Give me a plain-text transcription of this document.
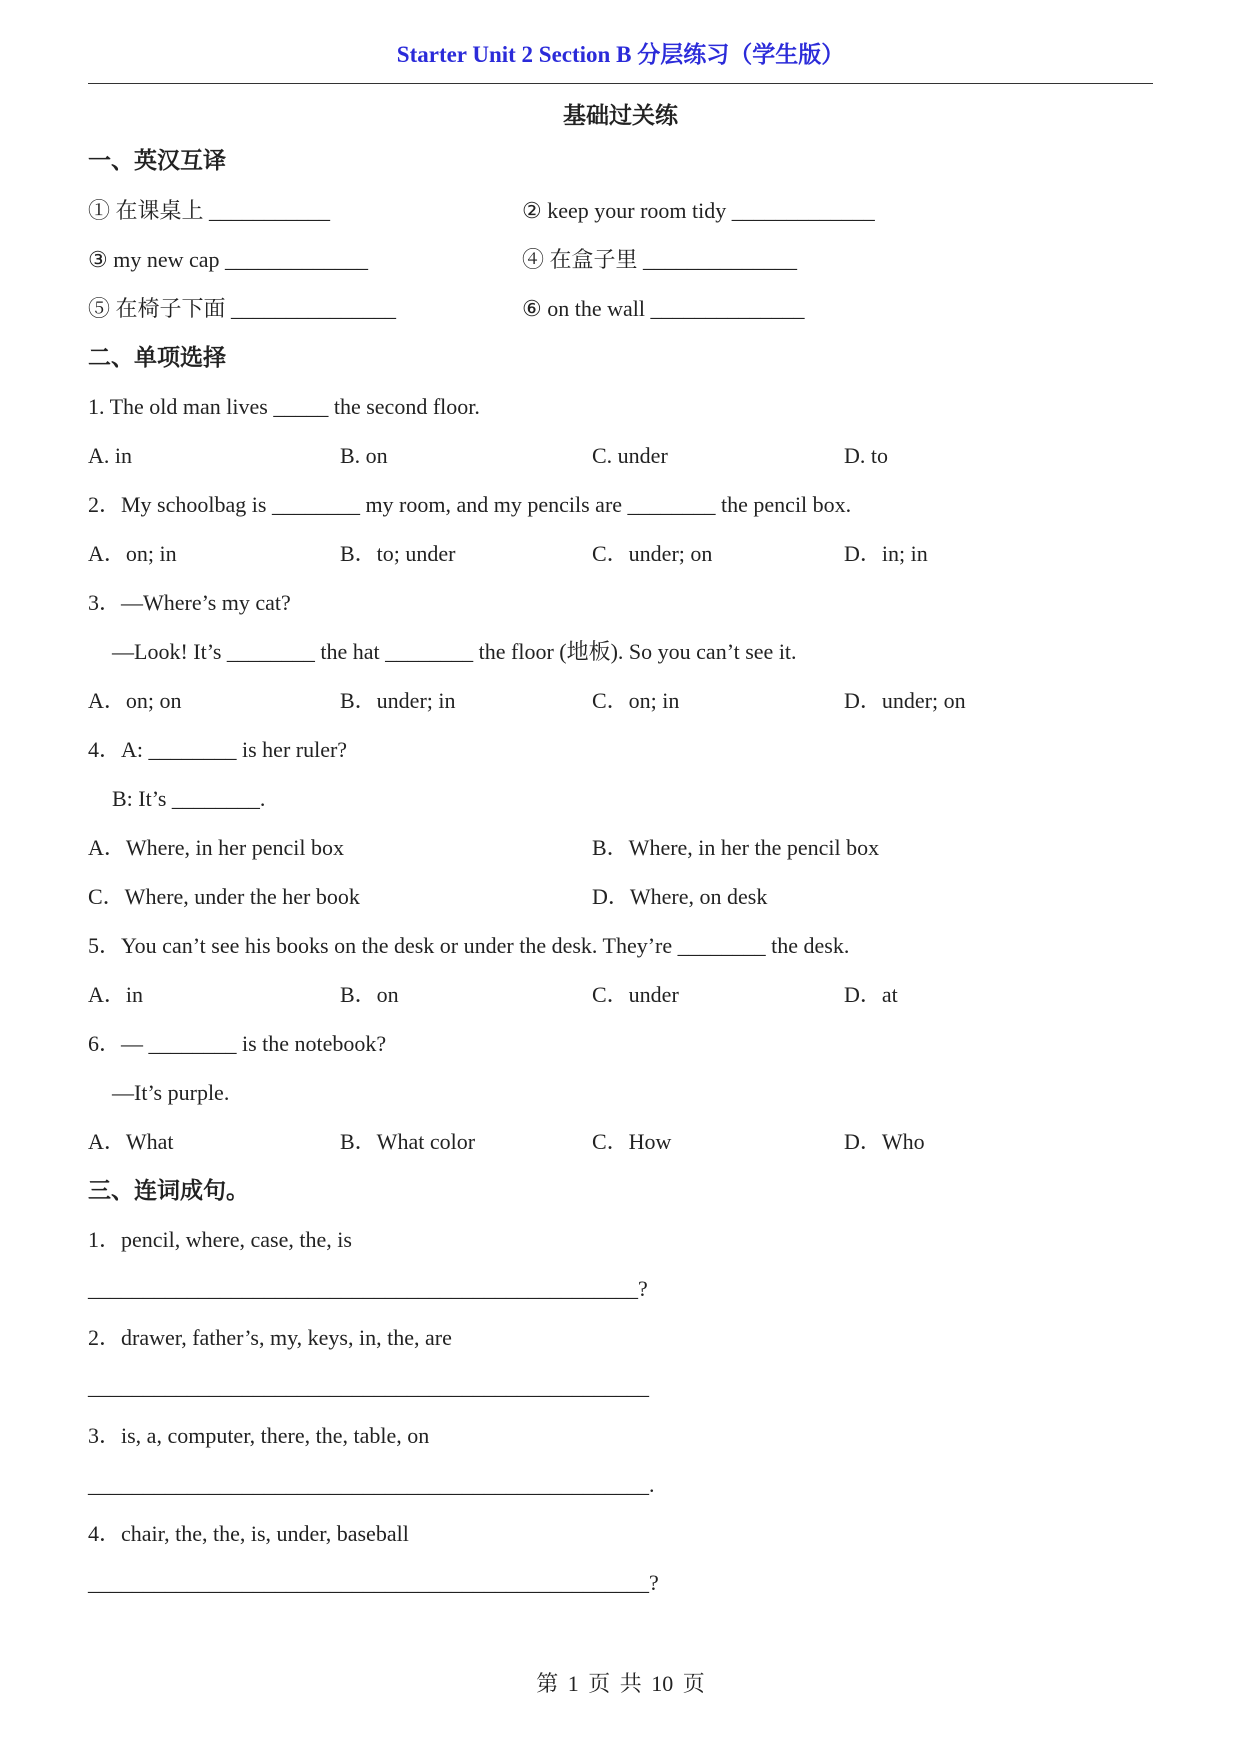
Starter Unit 2 Section B 分层练习（学生版）
基础过关练
一、英汉互译
① 在课桌上 ___________	② keep your room tidy _____________
③ my new cap _____________	④ 在盒子里 ______________
⑤ 在椅子下面 _______________	⑥ on the wall ______________
二、单项选择
1. The old man lives _____ the second floor.
A. in	B. on	C. under	D. to
2．My schoolbag is ________ my room, and my pencils are ________ the pencil box.
A．on; in	B．to; under	C．under; on	D．in; in
3．—Where’s my cat?
—Look! It’s ________ the hat ________ the floor (地板). So you can’t see it.
A．on; on	B．under; in	C．on; in	D．under; on
4．A: ________ is her ruler?
B: It’s ________.
A．Where, in her pencil box	B．Where, in her the pencil box
C．Where, under the her book	D．Where, on desk
5．You can’t see his books on the desk or under the desk. They’re ________ the desk.
A．in	B．on	C．under	D．at
6．— ________ is the notebook?
—It’s purple.
A．What	B．What color	C．How	D．Who
三、连词成句。
1．pencil, where, case, the, is
__________________________________________________?
2．drawer, father’s, my, keys, in, the, are
___________________________________________________
3．is, a, computer, there, the, table, on
___________________________________________________.
4．chair, the, the, is, under, baseball
___________________________________________________?
第 1 页 共 10 页
